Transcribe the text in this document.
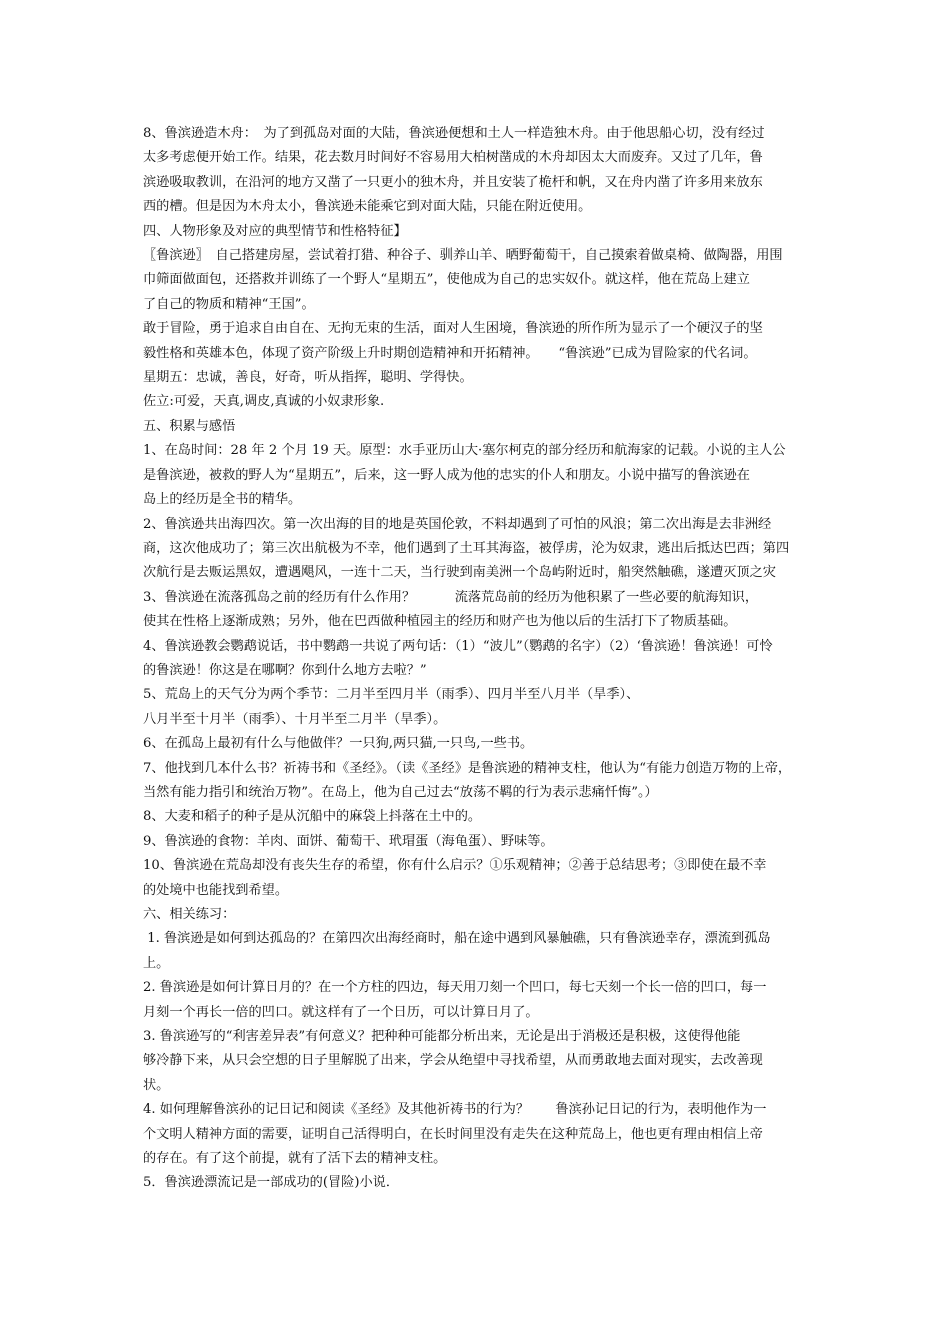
8、鲁滨逊造木舟：　为了到孤岛对面的大陆，鲁滨逊便想和土人一样造独木舟。由于他思船心切，没有经过

太多考虑便开始工作。结果，花去数月时间好不容易用大柏树凿成的木舟却因太大而废弃。又过了几年，鲁

滨逊吸取教训，在沿河的地方又凿了一只更小的独木舟，并且安装了桅杆和帆，又在舟内凿了许多用来放东

西的槽。但是因为木舟太小，鲁滨逊未能乘它到对面大陆，只能在附近使用。

四、人物形象及对应的典型情节和性格特征】

〖鲁滨逊〗　自己搭建房屋，尝试着打猎、种谷子、驯养山羊、晒野葡萄干，自己摸索着做桌椅、做陶器，用围

巾筛面做面包，还搭救并训练了一个野人“星期五”，使他成为自己的忠实奴仆。就这样，他在荒岛上建立

了自己的物质和精神“王国”。

敢于冒险，勇于追求自由自在、无拘无束的生活，面对人生困境，鲁滨逊的所作所为显示了一个硬汉子的坚

毅性格和英雄本色，体现了资产阶级上升时期创造精神和开拓精神。　　“鲁滨逊”已成为冒险家的代名词。

星期五：忠诚，善良，好奇，听从指挥，聪明、学得快。

佐立:可爱，天真,调皮,真诚的小奴隶形象.

五、积累与感悟

1、在岛时间：28 年 2 个月 19 天。原型：水手亚历山大·塞尔柯克的部分经历和航海家的记载。小说的主人公

是鲁滨逊，被救的野人为“星期五”，后来，这一野人成为他的忠实的仆人和朋友。小说中描写的鲁滨逊在

岛上的经历是全书的精华。

2、鲁滨逊共出海四次。第一次出海的目的地是英国伦敦，不料却遇到了可怕的风浪；第二次出海是去非洲经

商，这次他成功了；第三次出航极为不幸，他们遇到了土耳其海盗，被俘虏，沦为奴隶，逃出后抵达巴西；第四

次航行是去贩运黑奴，遭遇飓风，一连十二天，当行驶到南美洲一个岛屿附近时，船突然触礁，遂遭灭顶之灾

3、鲁滨逊在流落孤岛之前的经历有什么作用？　　　流落荒岛前的经历为他积累了一些必要的航海知识，

使其在性格上逐渐成熟；另外，他在巴西做种植园主的经历和财产也为他以后的生活打下了物质基础。

4、鲁滨逊教会鹦鹉说话，书中鹦鹉一共说了两句话：（1）“波儿”（鹦鹉的名字）（2）‘鲁滨逊！鲁滨逊！可怜

的鲁滨逊！你这是在哪啊？你到什么地方去啦？”

5、荒岛上的天气分为两个季节：二月半至四月半（雨季）、四月半至八月半（旱季）、

八月半至十月半（雨季）、十月半至二月半（旱季）。

6、在孤岛上最初有什么与他做伴？一只狗,两只猫,一只鸟,一些书。

7、他找到几本什么书？祈祷书和《圣经》。（读《圣经》是鲁滨逊的精神支柱，他认为“有能力创造万物的上帝，

当然有能力指引和统治万物”。在岛上，他为自己过去“放荡不羁的行为表示悲痛忏悔”。）

8、大麦和稻子的种子是从沉船中的麻袋上抖落在土中的。

9、鲁滨逊的食物：羊肉、面饼、葡萄干、玳瑁蛋（海龟蛋）、野味等。

10、鲁滨逊在荒岛却没有丧失生存的希望，你有什么启示？①乐观精神；②善于总结思考；③即使在最不幸

的处境中也能找到希望。

六、相关练习：

1. 鲁滨逊是如何到达孤岛的？在第四次出海经商时，船在途中遇到风暴触礁，只有鲁滨逊幸存，漂流到孤岛

上。

2. 鲁滨逊是如何计算日月的？在一个方柱的四边，每天用刀刻一个凹口，每七天刻一个长一倍的凹口，每一

月刻一个再长一倍的凹口。就这样有了一个日历，可以计算日月了。

3. 鲁滨逊写的“利害差异表”有何意义？把种种可能都分析出来，无论是出于消极还是积极，这使得他能

够冷静下来，从只会空想的日子里解脱了出来，学会从绝望中寻找希望，从而勇敢地去面对现实，去改善现

状。

4. 如何理解鲁滨孙的记日记和阅读《圣经》及其他祈祷书的行为？　　鲁滨孙记日记的行为，表明他作为一

个文明人精神方面的需要，证明自己活得明白，在长时间里没有走失在这种荒岛上，他也更有理由相信上帝

的存在。有了这个前提，就有了活下去的精神支柱。

5．鲁滨逊漂流记是一部成功的(冒险)小说．
